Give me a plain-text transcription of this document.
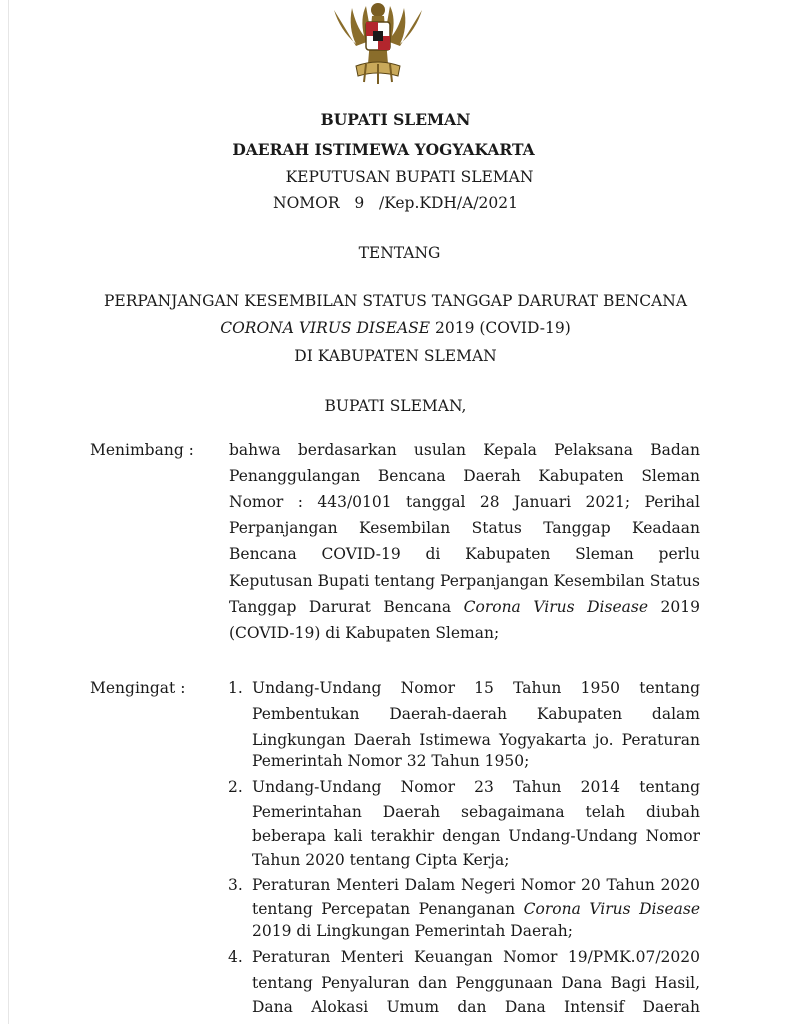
BUPATI SLEMAN
DAERAH ISTIMEWA YOGYAKARTA
KEPUTUSAN BUPATI SLEMAN
NOMOR 9 /Kep.KDH/A/2021
TENTANG
PERPANJANGAN KESEMBILAN STATUS TANGGAP DARURAT BENCANA
CORONA VIRUS DISEASE 2019 (COVID-19)
DI KABUPATEN SLEMAN
BUPATI SLEMAN,
Menimbang : bahwa berdasarkan usulan Kepala Pelaksana Badan
Penanggulangan Bencana Daerah Kabupaten Sleman
Nomor : 443/0101 tanggal 28 Januari 2021; Perihal
Perpanjangan Kesembilan Status Tanggap Keadaan
Bencana COVID-19 di Kabupaten Sleman perlu
Keputusan Bupati tentang Perpanjangan Kesembilan Status
Tanggap Darurat Bencana Corona Virus Disease 2019
(COVID-19) di Kabupaten Sleman;
Mengingat :	1. Undang-Undang Nomor 15 Tahun 1950 tentang
Pembentukan Daerah-daerah Kabupaten dalam
Lingkungan Daerah Istimewa Yogyakarta jo. Peraturan
Pemerintah Nomor 32 Tahun 1950;
2. Undang-Undang Nomor 23 Tahun 2014 tentang
Pemerintahan Daerah sebagaimana telah diubah
beberapa kali terakhir dengan Undang-Undang Nomor
Tahun 2020 tentang Cipta Kerja;
3. Peraturan Menteri Dalam Negeri Nomor 20 Tahun 2020
tentang Percepatan Penanganan Corona Virus Disease
2019 di Lingkungan Pemerintah Daerah;
4. Peraturan Menteri Keuangan Nomor 19/PMK.07/2020
tentang Penyaluran dan Penggunaan Dana Bagi Hasil,
Dana Alokasi Umum dan Dana Intensif Daerah
